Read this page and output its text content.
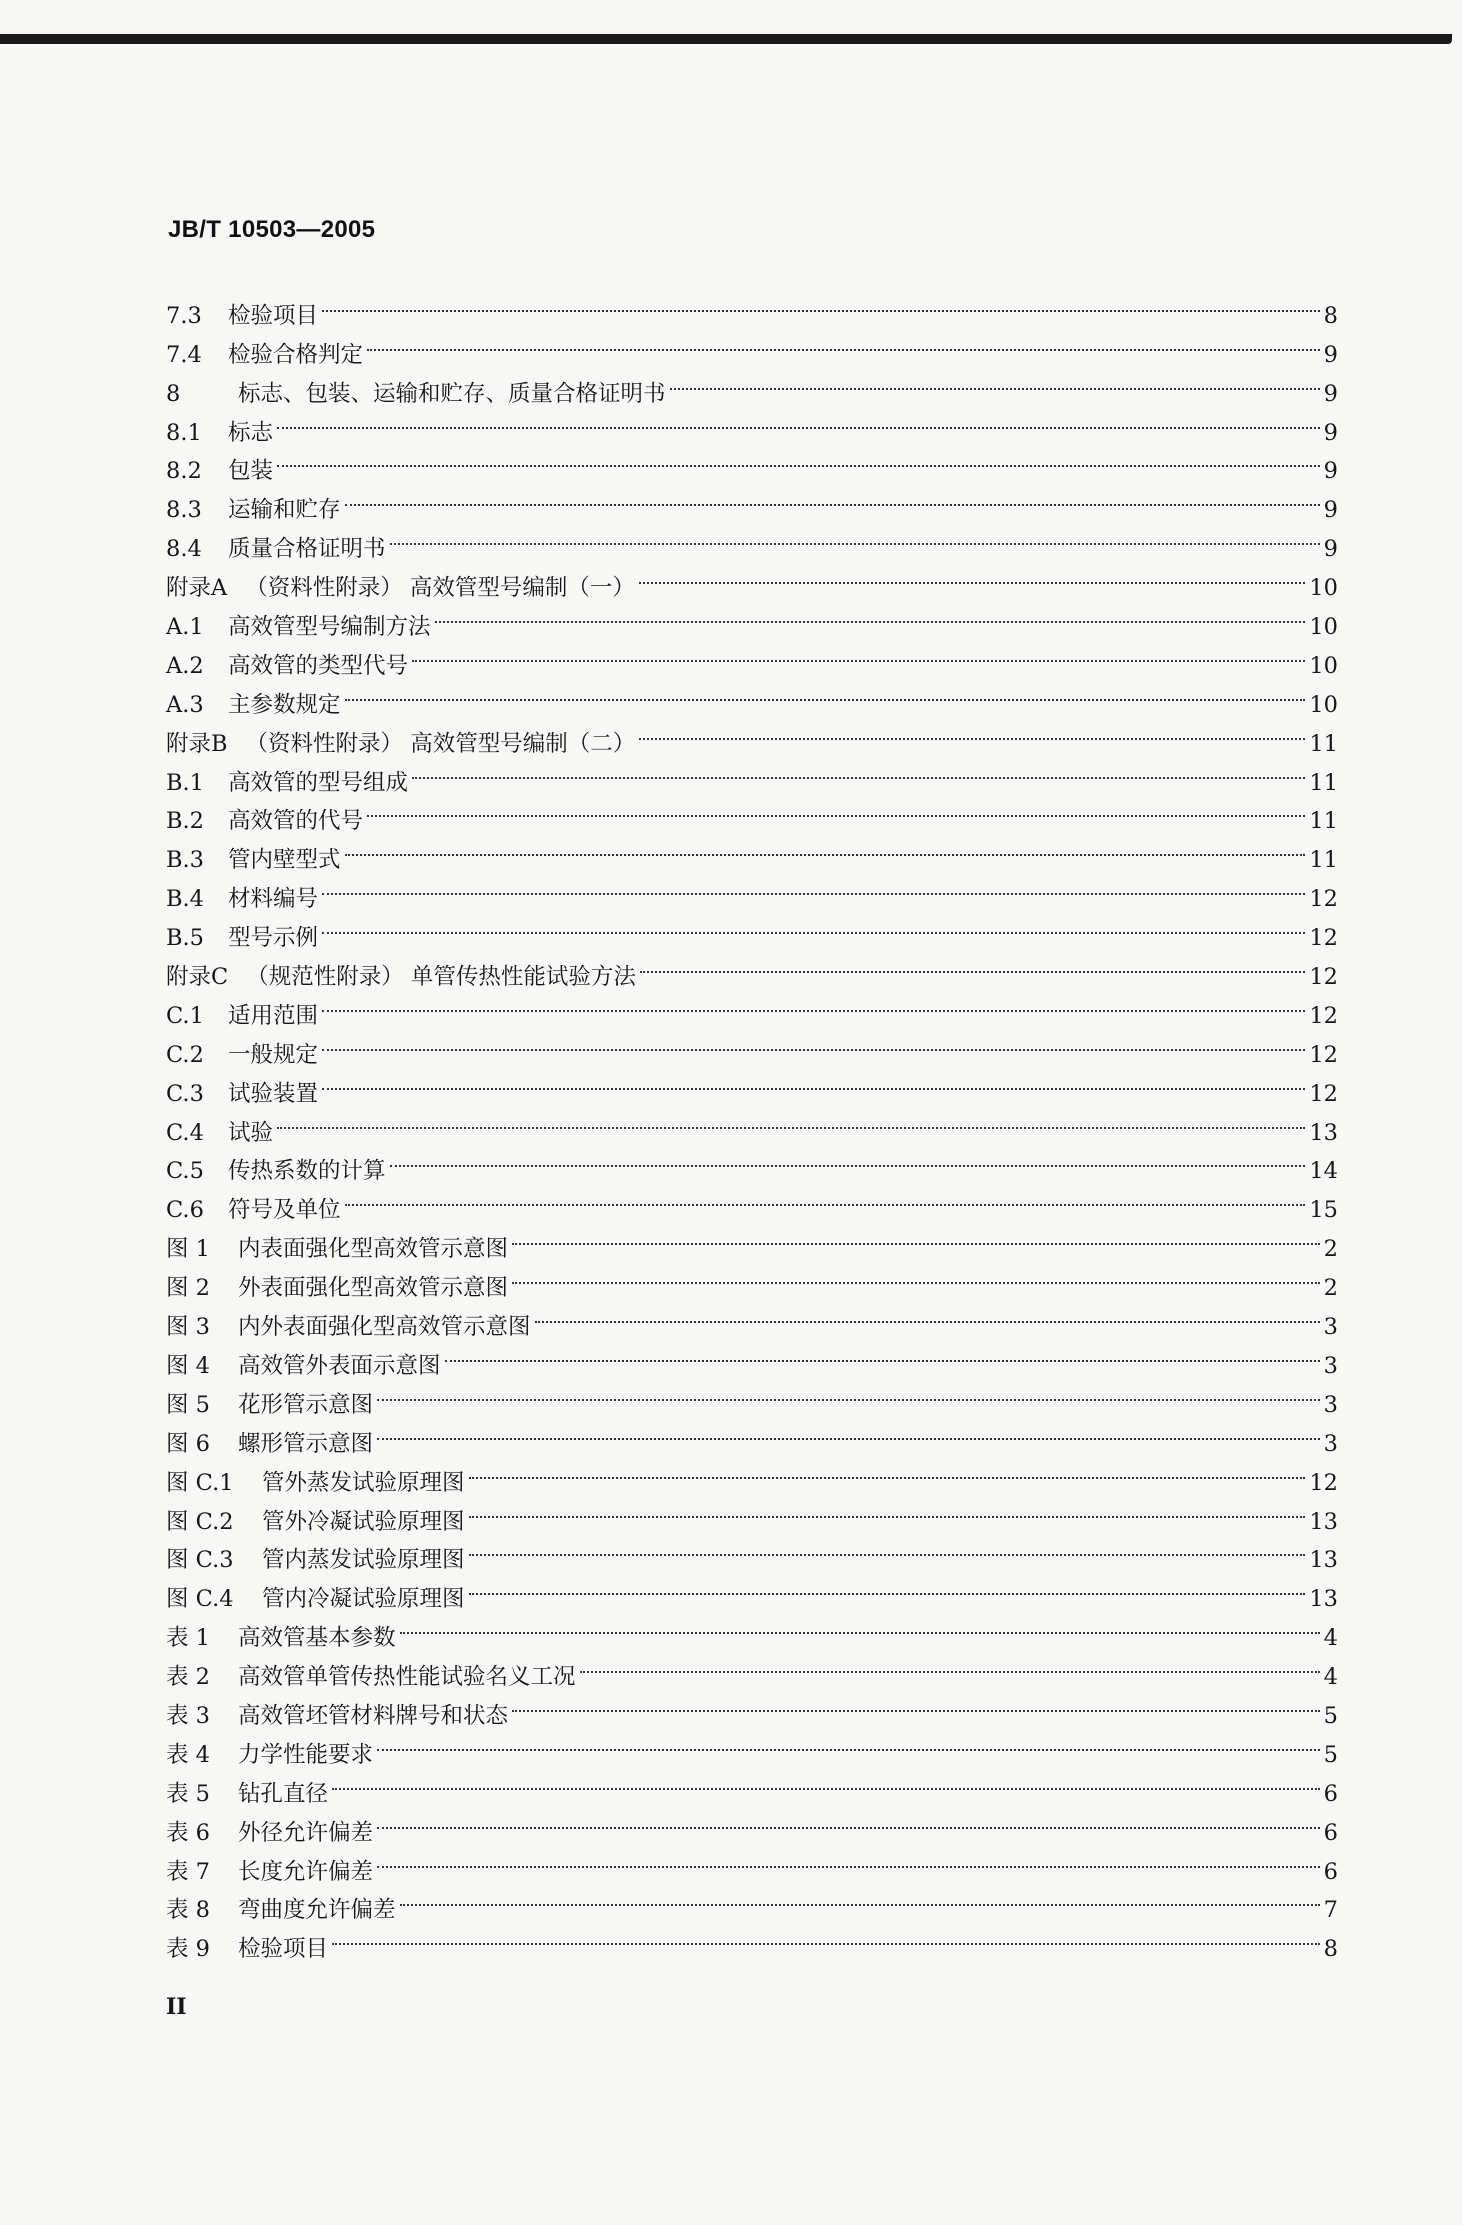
JB/T 10503—2005
7.3	检验项目	8
7.4	检验合格判定	9
8	标志、包装、运输和贮存、质量合格证明书	9
8.1	标志	9
8.2	包装	9
8.3	运输和贮存	9
8.4	质量合格证明书	9
附录A （资料性附录） 高效管型号编制（一）	10
A.1	高效管型号编制方法	10
A.2	高效管的类型代号	10
A.3	主参数规定	10
附录B （资料性附录） 高效管型号编制（二）	11
B.1	高效管的型号组成	11
B.2	高效管的代号	11
B.3	管内壁型式	11
B.4	材料编号	12
B.5	型号示例	12
附录C （规范性附录） 单管传热性能试验方法	12
C.1	适用范围	12
C.2	一般规定	12
C.3	试验装置	12
C.4	试验	13
C.5	传热系数的计算	14
C.6	符号及单位	15
图 1	内表面强化型高效管示意图	2
图 2	外表面强化型高效管示意图	2
图 3	内外表面强化型高效管示意图	3
图 4	高效管外表面示意图	3
图 5	花形管示意图	3
图 6	螺形管示意图	3
图 C.1	管外蒸发试验原理图	12
图 C.2	管外冷凝试验原理图	13
图 C.3	管内蒸发试验原理图	13
图 C.4	管内冷凝试验原理图	13
表 1	高效管基本参数	4
表 2	高效管单管传热性能试验名义工况	4
表 3	高效管坯管材料牌号和状态	5
表 4	力学性能要求	5
表 5	钻孔直径	6
表 6	外径允许偏差	6
表 7	长度允许偏差	6
表 8	弯曲度允许偏差	7
表 9	检验项目	8
II
